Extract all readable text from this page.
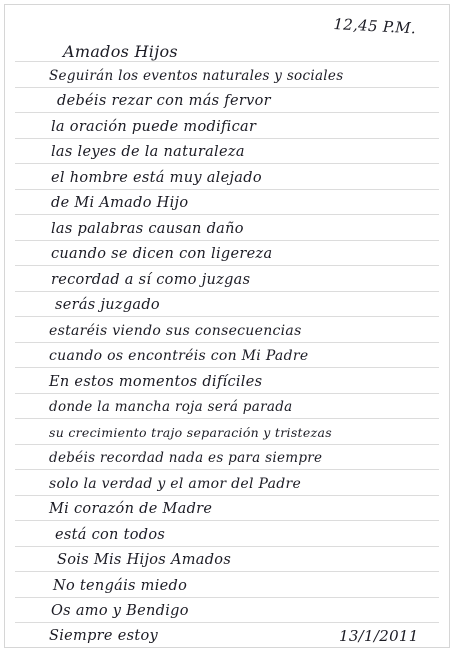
12,45 P.M.
Amados Hijos
Seguirán los eventos naturales y sociales
debéis rezar con más fervor
la oración puede modificar
las leyes de la naturaleza
el hombre está muy alejado
de Mi Amado Hijo
las palabras causan daño
cuando se dicen con ligereza
recordad a sí como juzgas
serás juzgado
estaréis viendo sus consecuencias
cuando os encontréis con Mi Padre
En estos momentos difíciles
donde la mancha roja será parada
su crecimiento trajo separación y tristezas
debéis recordad nada es para siempre
solo la verdad y el amor del Padre
Mi corazón de Madre
está con todos
Sois Mis Hijos Amados
No tengáis miedo
Os amo y Bendigo
Siempre estoy	13/1/2011
